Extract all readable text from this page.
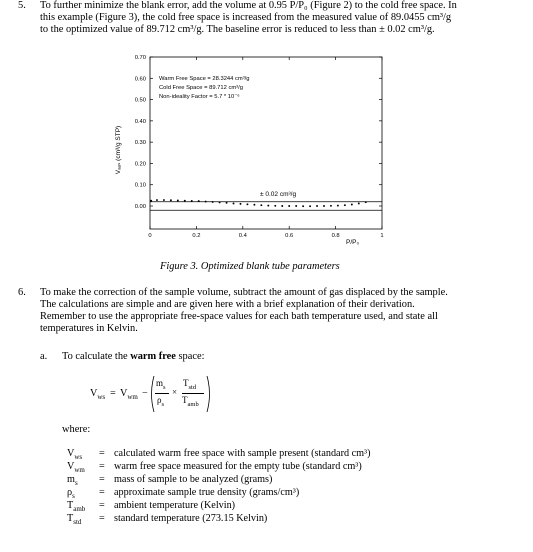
5. To further minimize the blank error, add the volume at 0.95 P/P₀ (Figure 2) to the cold free space. In
this example (Figure 3), the cold free space is increased from the measured value of 89.0455 cm³/g
to the optimized value of 89.712 cm³/g. The baseline error is reduced to less than ± 0.02 cm³/g.
0.00
0.10
0.20
0.30
0.40
0.50
0.60
0.70
0	0.2	0.4	0.6	0.8	1
Warm Free Space = 28.3244 cm³/g
Cold Free Space = 89.712 cm³/g
Non-ideality Factor = 5.7 * 10⁻⁶
Vₐₐₛ (cm³/g STP)
P/P₀
± 0.02 cm³/g
Figure 3. Optimized blank tube parameters
6. To make the correction of the sample volume, subtract the amount of gas displaced by the sample.
The calculations are simple and are given here with a brief explanation of their derivation.
Remember to use the appropriate free-space values for each bath temperature used, and state all
temperatures in Kelvin.
a. To calculate the warm free space:
$V_{ws} = V_{wm}$ −
$m_s$
$\rho_s$
×
$T_{std}$
$T_{amb}$
where:
$V_{ws}$ = calculated warm free space with sample present (standard cm³)
$V_{wm}$ = warm free space measured for the empty tube (standard cm³)
$m_s$ = mass of sample to be analyzed (grams)
$\rho_s$ = approximate sample true density (grams/cm³)
$T_{amb}$ = ambient temperature (Kelvin)
$T_{std}$ = standard temperature (273.15 Kelvin)
